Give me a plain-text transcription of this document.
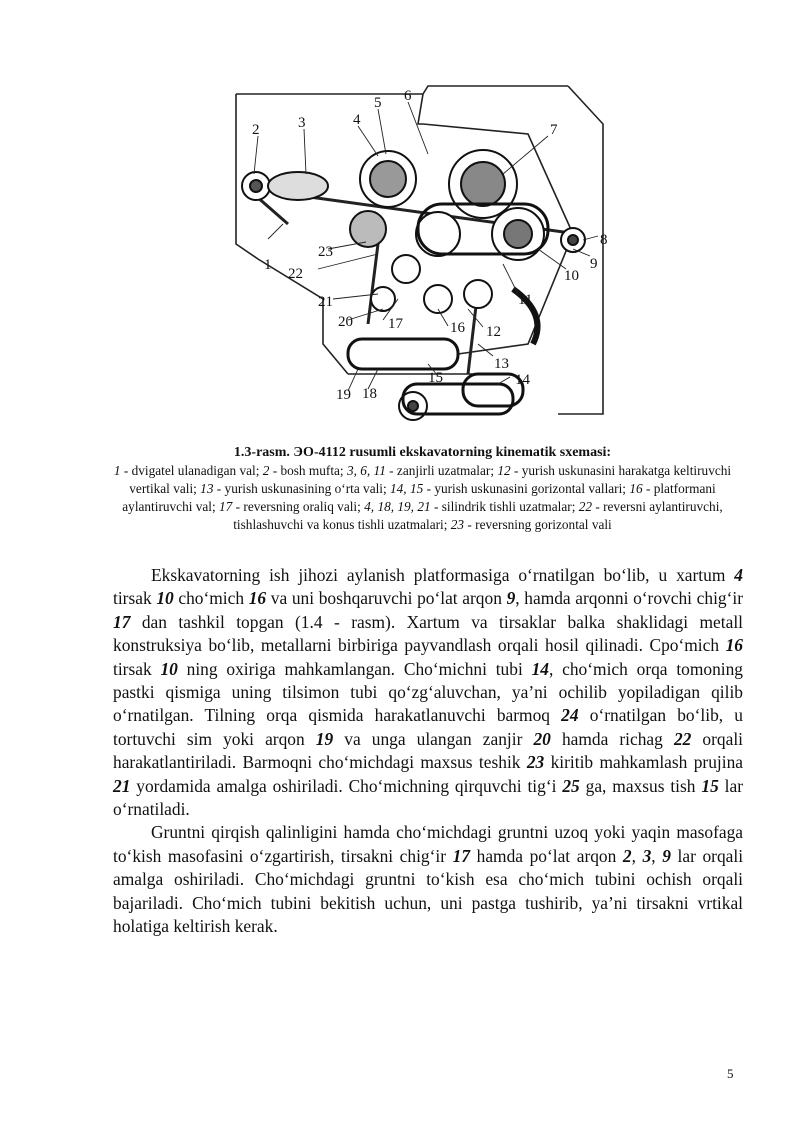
1
2	3	4
5 6
7
8
9
10
11
12
13
14
15
16
17
18
19
20
21
22
23
1.3-rasm. ЭО-4112 rusumli ekskavatorning kinematik sxemasi:
1 - dvigatel ulanadigan val; 2 - bosh mufta; 3, 6, 11 - zanjirli uzatmalar; 12 - yurish uskunasini harakatga keltiruvchi vertikal vali; 13 - yurish uskunasining oʻrta vali; 14, 15 - yurish uskunasini gorizontal vallari; 16 - platformani aylantiruvchi val; 17 - reversning oraliq vali; 4, 18, 19, 21 - silindrik tishli uzatmalar; 22 - reversni aylantiruvchi, tishlashuvchi va konus tishli uzatmalari; 23 - reversning gorizontal vali

Ekskavatorning ish jihozi aylanish platformasiga oʻrnatilgan boʻlib, u xartum 4 tirsak 10 choʻmich 16 va uni boshqaruvchi poʻlat arqon 9, hamda arqonni oʻrovchi chigʻir 17 dan tashkil topgan (1.4 - rasm). Xartum va tirsaklar balka shaklidagi metall konstruksiya boʻlib, metallarni birbiriga payvandlash orqali hosil qilinadi. Cpoʻmich 16 tirsak 10 ning oxiriga mahkamlangan. Choʻmichni tubi 14, choʻmich orqa tomoning pastki qismiga uning tilsimon tubi qoʻzgʻaluvchan, yaʼni ochilib yopiladigan qilib oʻrnatilgan. Tilning orqa qismida harakatlanuvchi barmoq 24 oʻrnatilgan boʻlib, u tortuvchi sim yoki arqon 19 va unga ulangan zanjir 20 hamda richag 22 orqali harakatlantiriladi. Barmoqni choʻmichdagi maxsus teshik 23 kiritib mahkamlash prujina 21 yordamida amalga oshiriladi. Choʻmichning qirquvchi tigʻi 25 ga, maxsus tish 15 lar oʻrnatiladi.

Gruntni qirqish qalinligini hamda choʻmichdagi gruntni uzoq yoki yaqin masofaga toʻkish masofasini oʻzgartirish, tirsakni chigʻir 17 hamda poʻlat arqon 2, 3, 9 lar orqali amalga oshiriladi. Choʻmichdagi gruntni toʻkish esa choʻmich tubini ochish orqali bajariladi. Choʻmich tubini bekitish uchun, uni pastga tushirib, yaʼni tirsakni vrtikal holatiga keltirish kerak.

5
